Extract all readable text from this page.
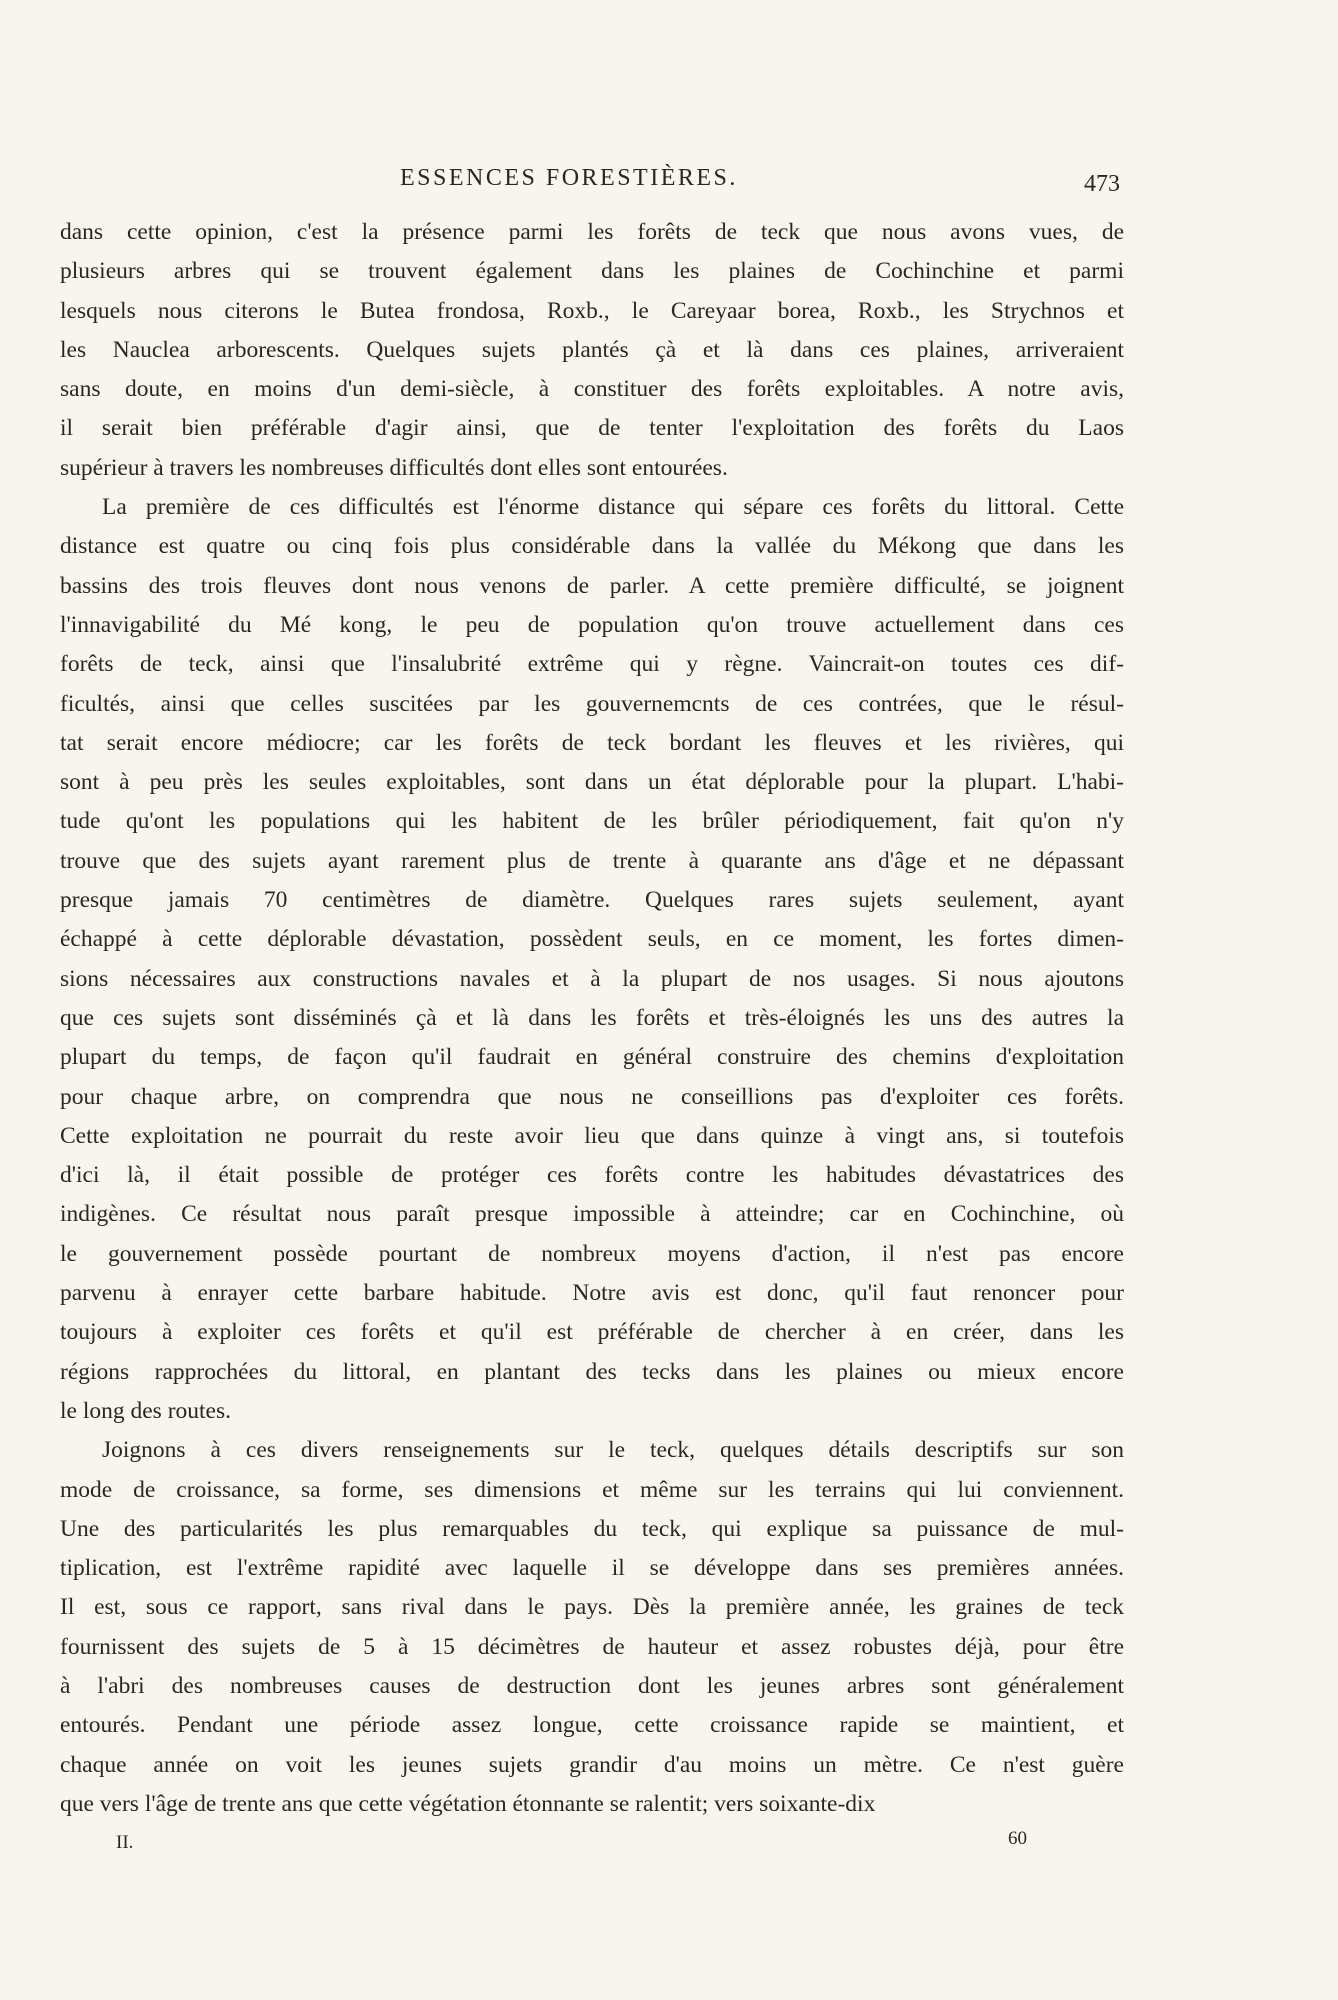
ESSENCES FORESTIÈRES.	473
dans cette opinion, c'est la présence parmi les forêts de teck que nous avons vues, de
plusieurs arbres qui se trouvent également dans les plaines de Cochinchine et parmi
lesquels nous citerons le Butea frondosa, Roxb., le Careyaar borea, Roxb., les Strychnos et
les Nauclea arborescents. Quelques sujets plantés çà et là dans ces plaines, arriveraient
sans doute, en moins d'un demi-siècle, à constituer des forêts exploitables. A notre avis,
il serait bien préférable d'agir ainsi, que de tenter l'exploitation des forêts du Laos
supérieur à travers les nombreuses difficultés dont elles sont entourées.
La première de ces difficultés est l'énorme distance qui sépare ces forêts du littoral. Cette
distance est quatre ou cinq fois plus considérable dans la vallée du Mékong que dans les
bassins des trois fleuves dont nous venons de parler. A cette première difficulté, se joignent
l'innavigabilité du Mé kong, le peu de population qu'on trouve actuellement dans ces
forêts de teck, ainsi que l'insalubrité extrême qui y règne. Vaincrait-on toutes ces dif-
ficultés, ainsi que celles suscitées par les gouvernemcnts de ces contrées, que le résul-
tat serait encore médiocre; car les forêts de teck bordant les fleuves et les rivières, qui
sont à peu près les seules exploitables, sont dans un état déplorable pour la plupart. L'habi-
tude qu'ont les populations qui les habitent de les brûler périodiquement, fait qu'on n'y
trouve que des sujets ayant rarement plus de trente à quarante ans d'âge et ne dépassant
presque jamais 70 centimètres de diamètre. Quelques rares sujets seulement, ayant
échappé à cette déplorable dévastation, possèdent seuls, en ce moment, les fortes dimen-
sions nécessaires aux constructions navales et à la plupart de nos usages. Si nous ajoutons
que ces sujets sont disséminés çà et là dans les forêts et très-éloignés les uns des autres la
plupart du temps, de façon qu'il faudrait en général construire des chemins d'exploitation
pour chaque arbre, on comprendra que nous ne conseillions pas d'exploiter ces forêts.
Cette exploitation ne pourrait du reste avoir lieu que dans quinze à vingt ans, si toutefois
d'ici là, il était possible de protéger ces forêts contre les habitudes dévastatrices des
indigènes. Ce résultat nous paraît presque impossible à atteindre; car en Cochinchine, où
le gouvernement possède pourtant de nombreux moyens d'action, il n'est pas encore
parvenu à enrayer cette barbare habitude. Notre avis est donc, qu'il faut renoncer pour
toujours à exploiter ces forêts et qu'il est préférable de chercher à en créer, dans les
régions rapprochées du littoral, en plantant des tecks dans les plaines ou mieux encore
le long des routes.
Joignons à ces divers renseignements sur le teck, quelques détails descriptifs sur son
mode de croissance, sa forme, ses dimensions et même sur les terrains qui lui conviennent.
Une des particularités les plus remarquables du teck, qui explique sa puissance de mul-
tiplication, est l'extrême rapidité avec laquelle il se développe dans ses premières années.
Il est, sous ce rapport, sans rival dans le pays. Dès la première année, les graines de teck
fournissent des sujets de 5 à 15 décimètres de hauteur et assez robustes déjà, pour être
à l'abri des nombreuses causes de destruction dont les jeunes arbres sont généralement
entourés. Pendant une période assez longue, cette croissance rapide se maintient, et
chaque année on voit les jeunes sujets grandir d'au moins un mètre. Ce n'est guère
que vers l'âge de trente ans que cette végétation étonnante se ralentit; vers soixante-dix
II.	60
